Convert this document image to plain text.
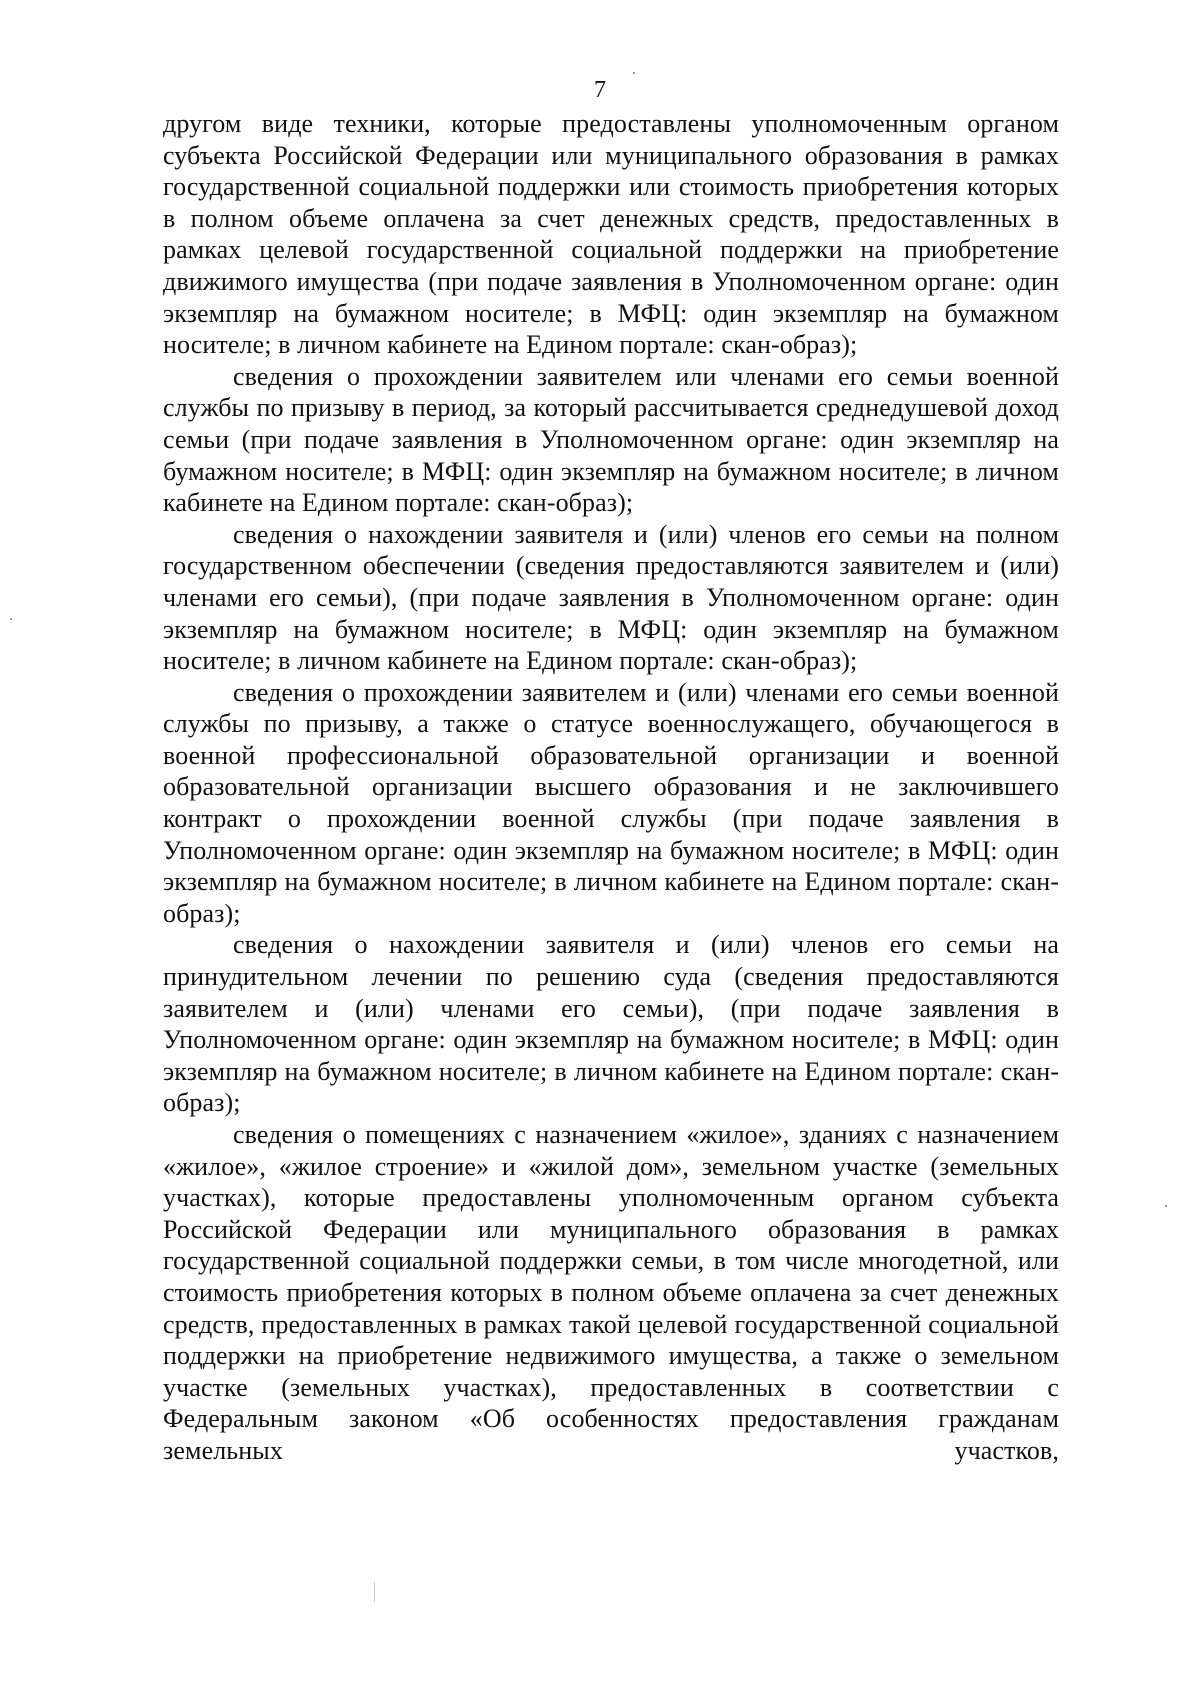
7

другом виде техники, которые предоставлены уполномоченным органом субъекта Российской Федерации или муниципального образования в рамках государственной социальной поддержки или стоимость приобретения которых в полном объеме оплачена за счет денежных средств, предоставленных в рамках целевой государственной социальной поддержки на приобретение движимого имущества (при подаче заявления в Уполномоченном органе: один экземпляр на бумажном носителе; в МФЦ: один экземпляр на бумажном носителе; в личном кабинете на Едином портале: скан-образ);

сведения о прохождении заявителем или членами его семьи военной службы по призыву в период, за который рассчитывается среднедушевой доход семьи (при подаче заявления в Уполномоченном органе: один экземпляр на бумажном носителе; в МФЦ: один экземпляр на бумажном носителе; в личном кабинете на Едином портале: скан-образ);

сведения о нахождении заявителя и (или) членов его семьи на полном государственном обеспечении (сведения предоставляются заявителем и (или) членами его семьи), (при подаче заявления в Уполномоченном органе: один экземпляр на бумажном носителе; в МФЦ: один экземпляр на бумажном носителе; в личном кабинете на Едином портале: скан-образ);

сведения о прохождении заявителем и (или) членами его семьи военной службы по призыву, а также о статусе военнослужащего, обучающегося в военной профессиональной образовательной организации и военной образовательной организации высшего образования и не заключившего контракт о прохождении военной службы (при подаче заявления в Уполномоченном органе: один экземпляр на бумажном носителе; в МФЦ: один экземпляр на бумажном носителе; в личном кабинете на Едином портале: скан-образ);

сведения о нахождении заявителя и (или) членов его семьи на принудительном лечении по решению суда (сведения предоставляются заявителем и (или) членами его семьи), (при подаче заявления в Уполномоченном органе: один экземпляр на бумажном носителе; в МФЦ: один экземпляр на бумажном носителе; в личном кабинете на Едином портале: скан-образ);

сведения о помещениях с назначением «жилое», зданиях с назначением «жилое», «жилое строение» и «жилой дом», земельном участке (земельных участках), которые предоставлены уполномоченным органом субъекта Российской Федерации или муниципального образования в рамках государственной социальной поддержки семьи, в том числе многодетной, или стоимость приобретения которых в полном объеме оплачена за счет денежных средств, предоставленных в рамках такой целевой государственной социальной поддержки на приобретение недвижимого имущества, а также о земельном участке (земельных участках), предоставленных в соответствии с Федеральным законом «Об особенностях предоставления гражданам земельных участков,
